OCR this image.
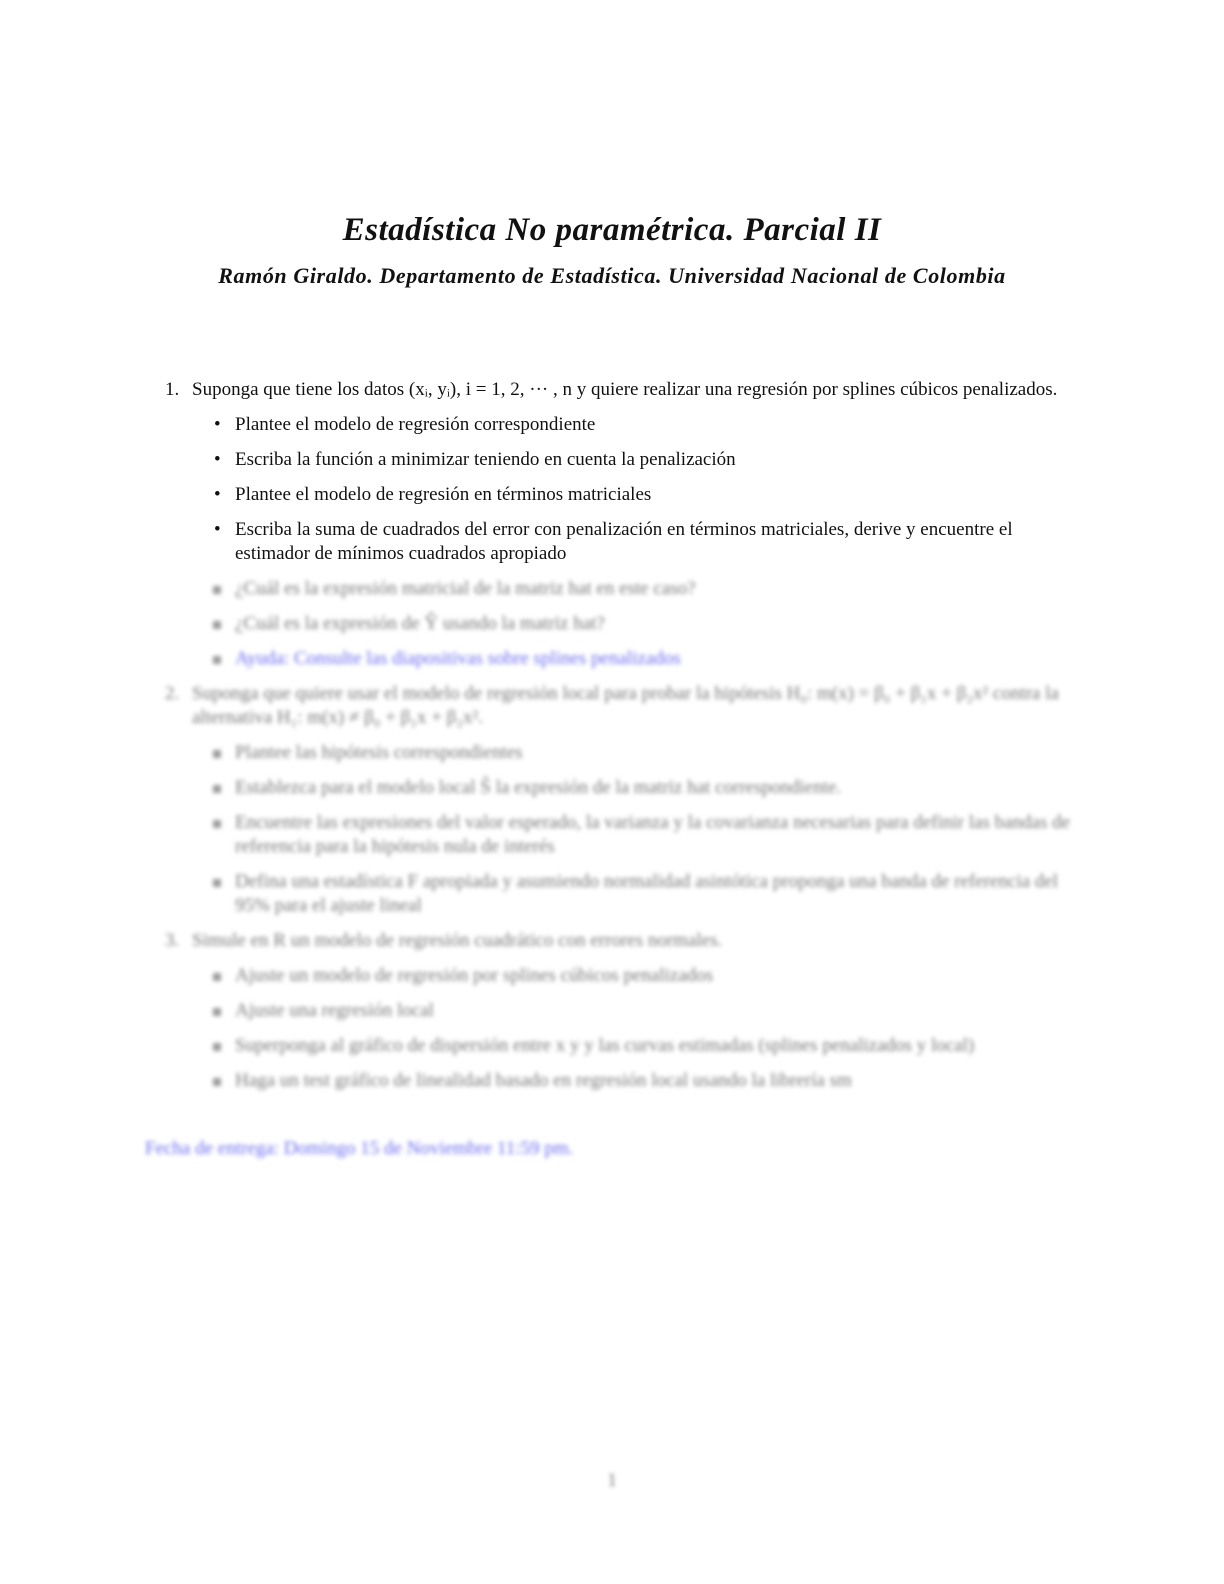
Estadística No paramétrica. Parcial II
Ramón Giraldo. Departamento de Estadística. Universidad Nacional de Colombia
1. Suponga que tiene los datos (xᵢ, yᵢ), i = 1, 2, ··· , n y quiere realizar una regresión por splines cúbicos penalizados.

• Plantee el modelo de regresión correspondiente
• Escriba la función a minimizar teniendo en cuenta la penalización
• Plantee el modelo de regresión en términos matriciales
• Escriba la suma de cuadrados del error con penalización en términos matriciales, derive y encuentre el estimador de mínimos cuadrados apropiado
¿Cuál es la expresión matricial de la matriz hat en este caso?
¿Cuál es la expresión de Ŷ usando la matriz hat?
Ayuda: Consulte las diapositivas sobre splines penalizados
2. Suponga que quiere usar el modelo de regresión local para probar la hipótesis H₀: m(x) = β₀ + β₁x + β₂x² contra la alternativa H₁: m(x) ≠ β₀ + β₁x + β₂x².

Plantee las hipótesis correspondientes
Establezca para el modelo local Ŝ la expresión de la matriz hat correspondiente.
Encuentre las expresiones del valor esperado, la varianza y la covarianza necesarias para definir las bandas de referencia para la hipótesis nula de interés
Defina una estadística F apropiada y asumiendo normalidad asintótica proponga una banda de referencia del 95% para el ajuste lineal
3. Simule en R un modelo de regresión cuadrático con errores normales.

Ajuste un modelo de regresión por splines cúbicos penalizados
Ajuste una regresión local
Superponga al gráfico de dispersión entre x y y las curvas estimadas (splines penalizados y local)
Haga un test gráfico de linealidad basado en regresión local usando la librería sm
Fecha de entrega: Domingo 15 de Noviembre 11:59 pm.
1
